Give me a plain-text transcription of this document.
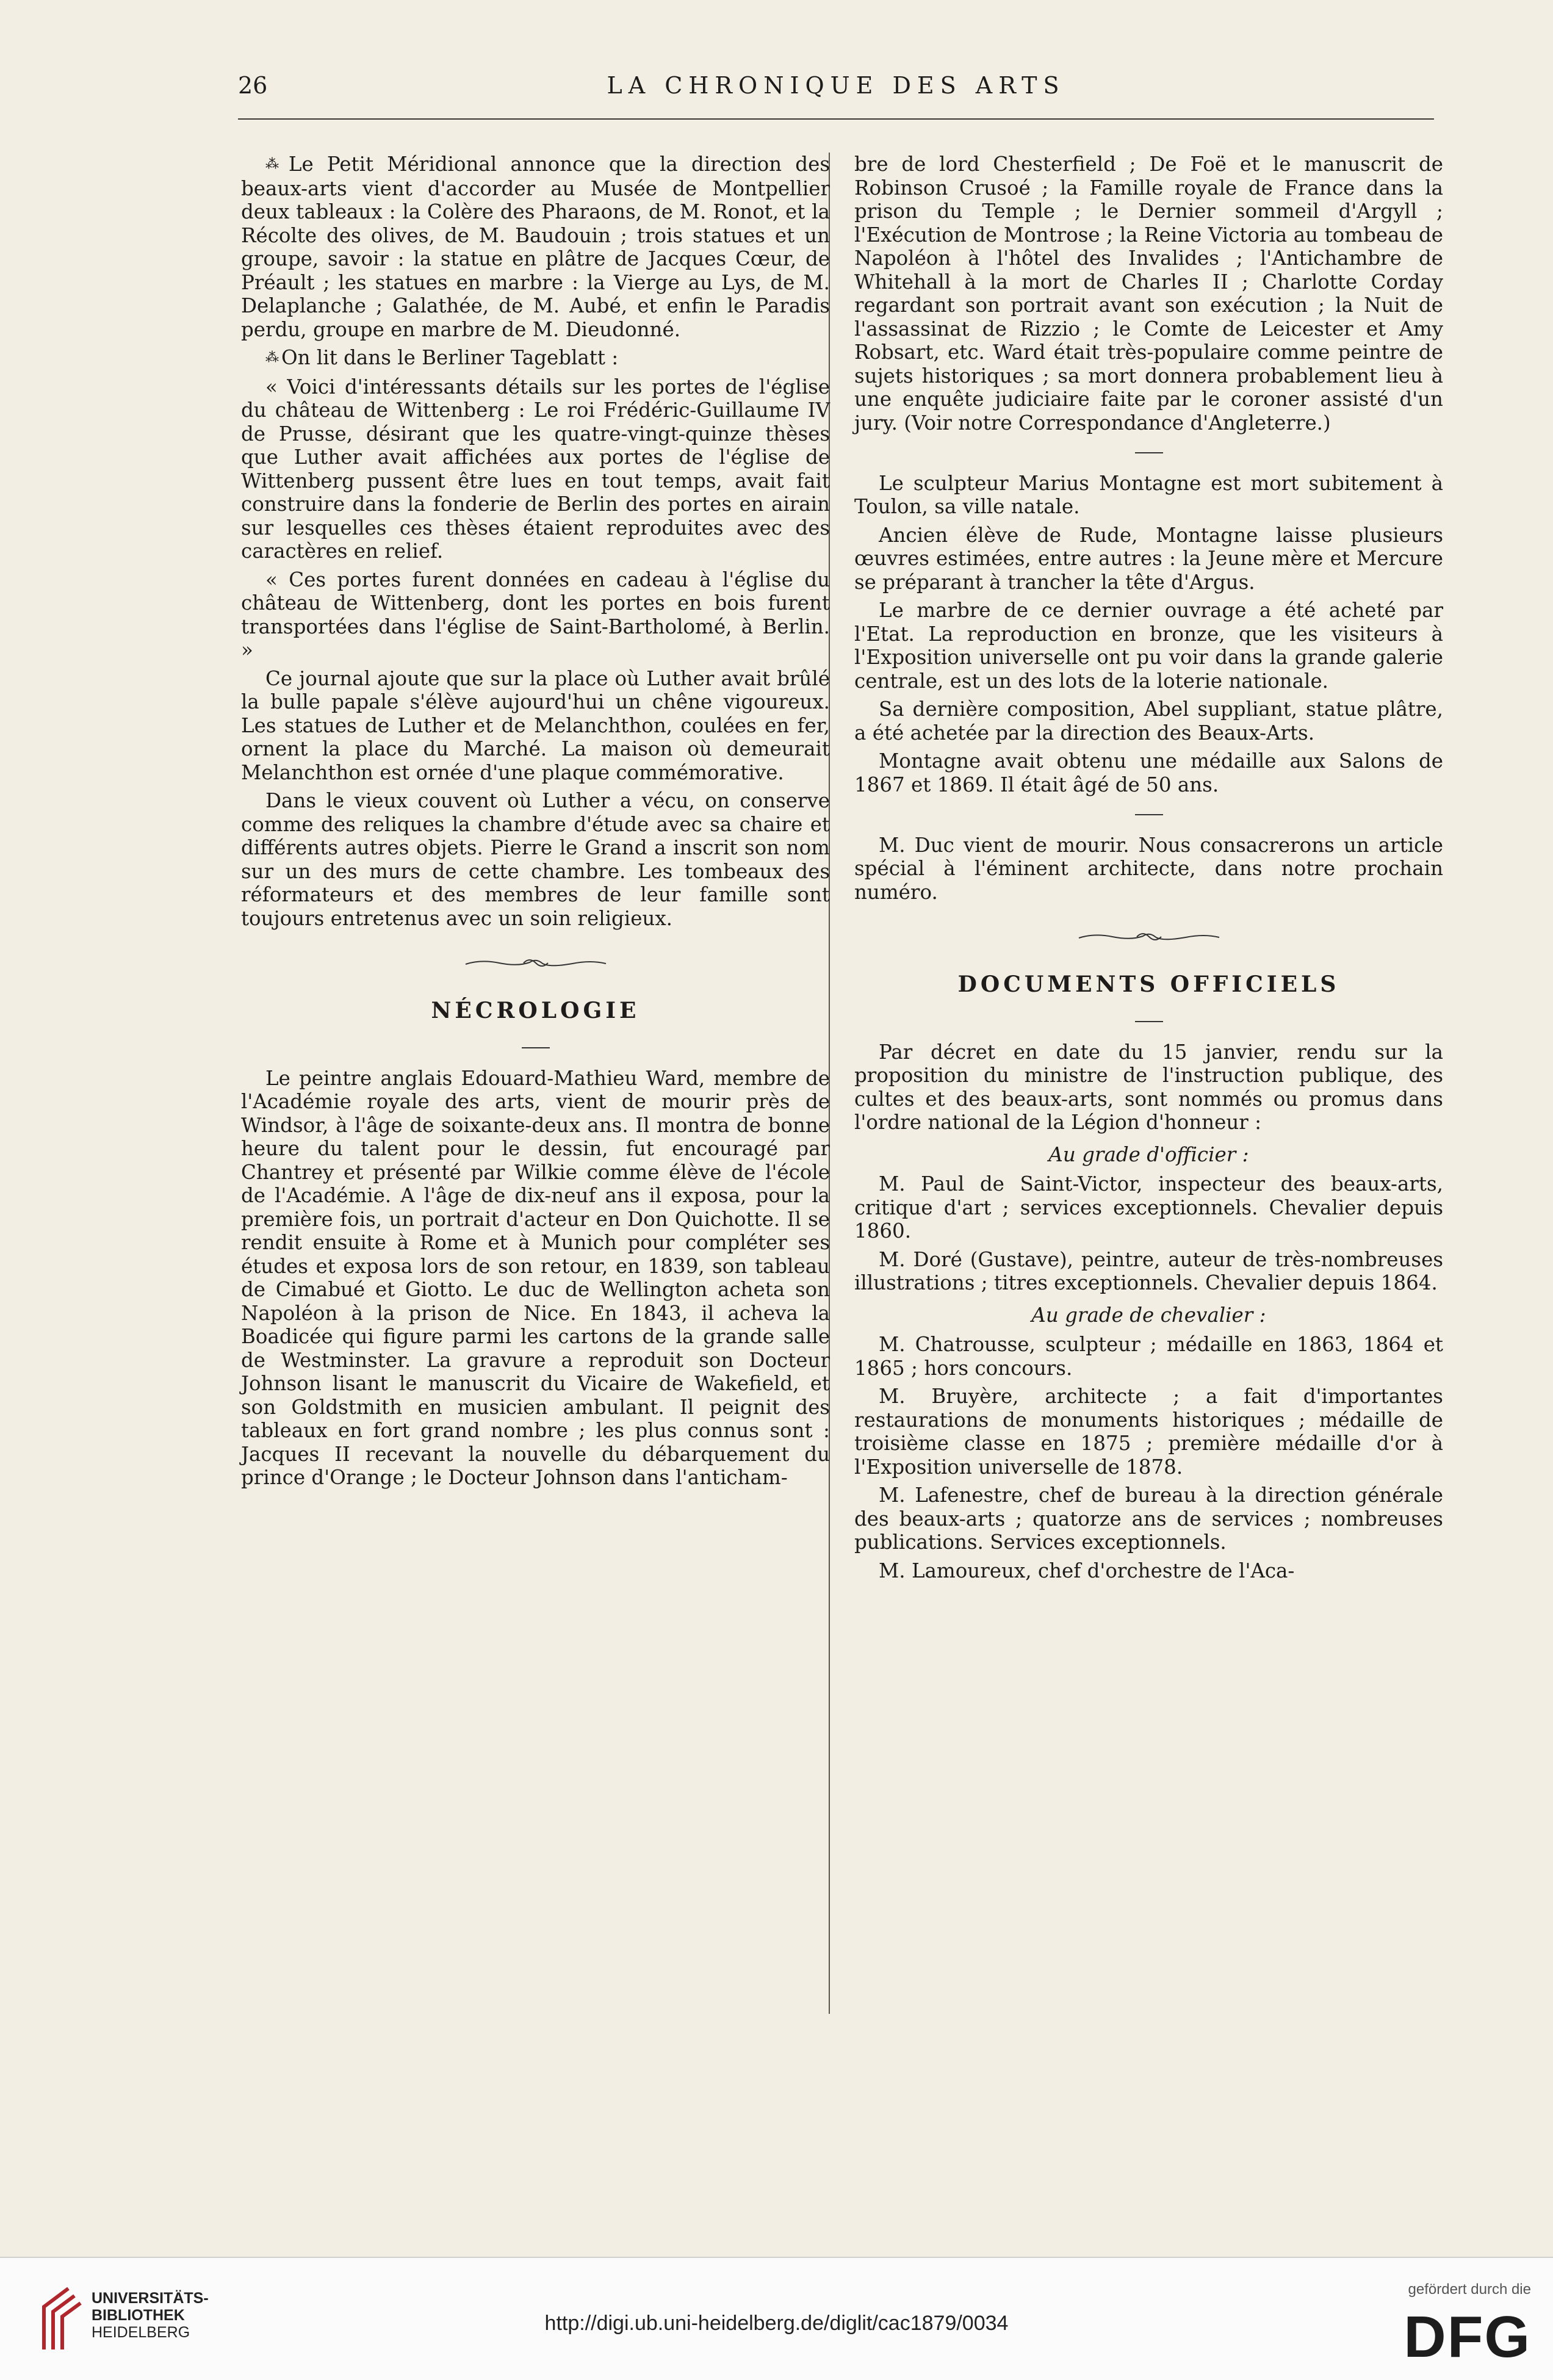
26	LA CHRONIQUE DES ARTS

⁂ Le Petit Méridional annonce que la direction des beaux-arts vient d'accorder au Musée de Montpellier deux tableaux : la Colère des Pharaons, de M. Ronot, et la Récolte des olives, de M. Baudouin ; trois statues et un groupe, savoir : la statue en plâtre de Jacques Cœur, de Préault ; les statues en marbre : la Vierge au Lys, de M. Delaplanche ; Galathée, de M. Aubé, et enfin le Paradis perdu, groupe en marbre de M. Dieudonné.

⁂ On lit dans le Berliner Tageblatt :

« Voici d'intéressants détails sur les portes de l'église du château de Wittenberg : Le roi Frédéric-Guillaume IV de Prusse, désirant que les quatre-vingt-quinze thèses que Luther avait affichées aux portes de l'église de Wittenberg pussent être lues en tout temps, avait fait construire dans la fonderie de Berlin des portes en airain sur lesquelles ces thèses étaient reproduites avec des caractères en relief.

« Ces portes furent données en cadeau à l'église du château de Wittenberg, dont les portes en bois furent transportées dans l'église de Saint-Bartholomé, à Berlin. »

Ce journal ajoute que sur la place où Luther avait brûlé la bulle papale s'élève aujourd'hui un chêne vigoureux. Les statues de Luther et de Melanchthon, coulées en fer, ornent la place du Marché. La maison où demeurait Melanchthon est ornée d'une plaque commémorative.

Dans le vieux couvent où Luther a vécu, on conserve comme des reliques la chambre d'étude avec sa chaire et différents autres objets. Pierre le Grand a inscrit son nom sur un des murs de cette chambre. Les tombeaux des réformateurs et des membres de leur famille sont toujours entretenus avec un soin religieux.

NÉCROLOGIE

Le peintre anglais Edouard-Mathieu Ward, membre de l'Académie royale des arts, vient de mourir près de Windsor, à l'âge de soixante-deux ans. Il montra de bonne heure du talent pour le dessin, fut encouragé par Chantrey et présenté par Wilkie comme élève de l'école de l'Académie. A l'âge de dix-neuf ans il exposa, pour la première fois, un portrait d'acteur en Don Quichotte. Il se rendit ensuite à Rome et à Munich pour compléter ses études et exposa lors de son retour, en 1839, son tableau de Cimabué et Giotto. Le duc de Wellington acheta son Napoléon à la prison de Nice. En 1843, il acheva la Boadicée qui figure parmi les cartons de la grande salle de Westminster. La gravure a reproduit son Docteur Johnson lisant le manuscrit du Vicaire de Wakefield, et son Goldstmith en musicien ambulant. Il peignit des tableaux en fort grand nombre ; les plus connus sont : Jacques II recevant la nouvelle du débarquement du prince d'Orange ; le Docteur Johnson dans l'anticham-

bre de lord Chesterfield ; De Foë et le manuscrit de Robinson Crusoé ; la Famille royale de France dans la prison du Temple ; le Dernier sommeil d'Argyll ; l'Exécution de Montrose ; la Reine Victoria au tombeau de Napoléon à l'hôtel des Invalides ; l'Antichambre de Whitehall à la mort de Charles II ; Charlotte Corday regardant son portrait avant son exécution ; la Nuit de l'assassinat de Rizzio ; le Comte de Leicester et Amy Robsart, etc. Ward était très-populaire comme peintre de sujets historiques ; sa mort donnera probablement lieu à une enquête judiciaire faite par le coroner assisté d'un jury. (Voir notre Correspondance d'Angleterre.)

Le sculpteur Marius Montagne est mort subitement à Toulon, sa ville natale.

Ancien élève de Rude, Montagne laisse plusieurs œuvres estimées, entre autres : la Jeune mère et Mercure se préparant à trancher la tête d'Argus.

Le marbre de ce dernier ouvrage a été acheté par l'Etat. La reproduction en bronze, que les visiteurs à l'Exposition universelle ont pu voir dans la grande galerie centrale, est un des lots de la loterie nationale.

Sa dernière composition, Abel suppliant, statue plâtre, a été achetée par la direction des Beaux-Arts.

Montagne avait obtenu une médaille aux Salons de 1867 et 1869. Il était âgé de 50 ans.

M. Duc vient de mourir. Nous consacrerons un article spécial à l'éminent architecte, dans notre prochain numéro.

DOCUMENTS OFFICIELS

Par décret en date du 15 janvier, rendu sur la proposition du ministre de l'instruction publique, des cultes et des beaux-arts, sont nommés ou promus dans l'ordre national de la Légion d'honneur :

Au grade d'officier :

M. Paul de Saint-Victor, inspecteur des beaux-arts, critique d'art ; services exceptionnels. Chevalier depuis 1860.

M. Doré (Gustave), peintre, auteur de très-nombreuses illustrations ; titres exceptionnels. Chevalier depuis 1864.

Au grade de chevalier :

M. Chatrousse, sculpteur ; médaille en 1863, 1864 et 1865 ; hors concours.

M. Bruyère, architecte ; a fait d'importantes restaurations de monuments historiques ; médaille de troisième classe en 1875 ; première médaille d'or à l'Exposition universelle de 1878.

M. Lafenestre, chef de bureau à la direction générale des beaux-arts ; quatorze ans de services ; nombreuses publications. Services exceptionnels.

M. Lamoureux, chef d'orchestre de l'Aca-

UNIVERSITÄTS-
BIBLIOTHEK
HEIDELBERG	http://digi.ub.uni-heidelberg.de/diglit/cac1879/0034
gefördert durch die
DFG
